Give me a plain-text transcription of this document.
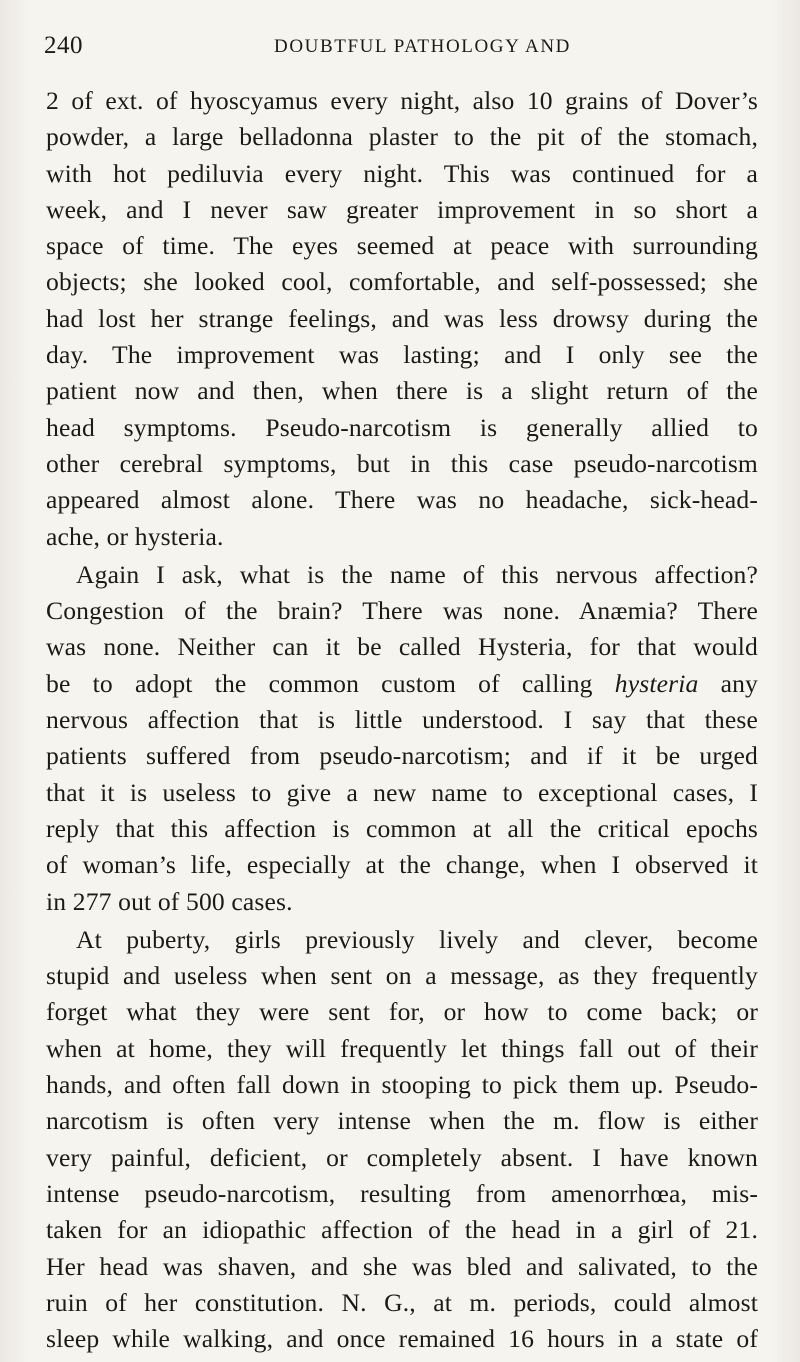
240	DOUBTFUL PATHOLOGY AND
2 of ext. of hyoscyamus every night, also 10 grains of Dover’s
powder, a large belladonna plaster to the pit of the stomach,
with hot pediluvia every night. This was continued for a
week, and I never saw greater improvement in so short a
space of time. The eyes seemed at peace with surrounding
objects; she looked cool, comfortable, and self-possessed; she
had lost her strange feelings, and was less drowsy during the
day. The improvement was lasting; and I only see the
patient now and then, when there is a slight return of the
head symptoms. Pseudo-narcotism is generally allied to
other cerebral symptoms, but in this case pseudo-narcotism
appeared almost alone. There was no headache, sick-head-
ache, or hysteria.
Again I ask, what is the name of this nervous affection?
Congestion of the brain? There was none. Anæmia? There
was none. Neither can it be called Hysteria, for that would
be to adopt the common custom of calling hysteria any
nervous affection that is little understood. I say that these
patients suffered from pseudo-narcotism; and if it be urged
that it is useless to give a new name to exceptional cases, I
reply that this affection is common at all the critical epochs
of woman’s life, especially at the change, when I observed it
in 277 out of 500 cases.
At puberty, girls previously lively and clever, become
stupid and useless when sent on a message, as they frequently
forget what they were sent for, or how to come back; or
when at home, they will frequently let things fall out of their
hands, and often fall down in stooping to pick them up. Pseudo-
narcotism is often very intense when the m. flow is either
very painful, deficient, or completely absent. I have known
intense pseudo-narcotism, resulting from amenorrhœa, mis-
taken for an idiopathic affection of the head in a girl of 21.
Her head was shaven, and she was bled and salivated, to the
ruin of her constitution. N. G., at m. periods, could almost
sleep while walking, and once remained 16 hours in a state of
